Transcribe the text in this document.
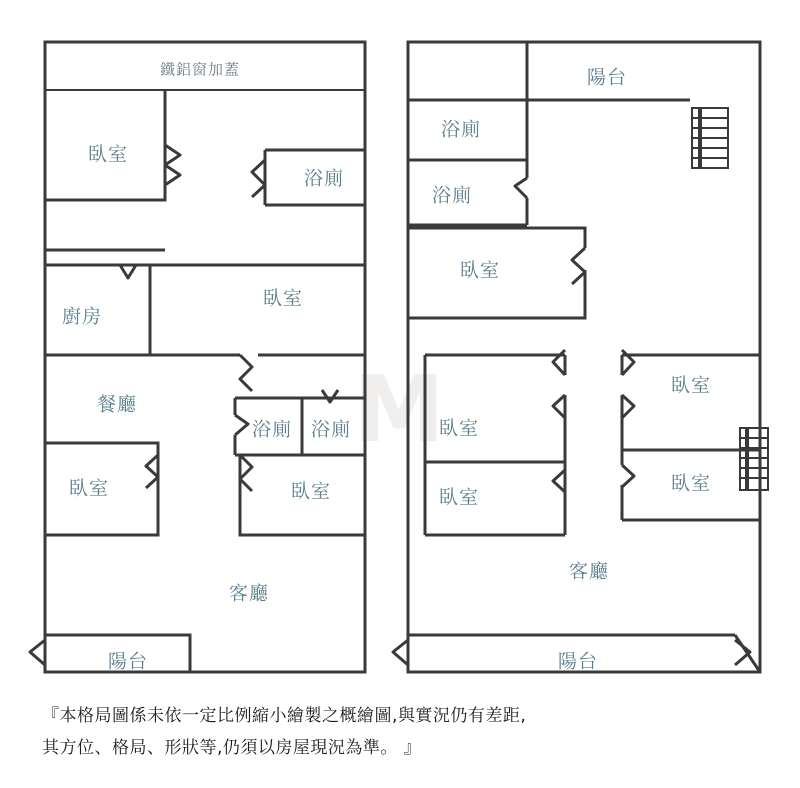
M
鐵鋁窗加蓋
臥室
浴廁
廚房
臥室
餐廳
浴廁 浴廁
臥室	臥室
客廳
陽台
陽台
浴廁
浴廁
臥室
臥室
臥室
臥室
臥室
客廳
陽台
『本格局圖係未依一定比例縮小繪製之概繪圖,與實況仍有差距,
其方位、格局、形狀等,仍須以房屋現況為準。 』
